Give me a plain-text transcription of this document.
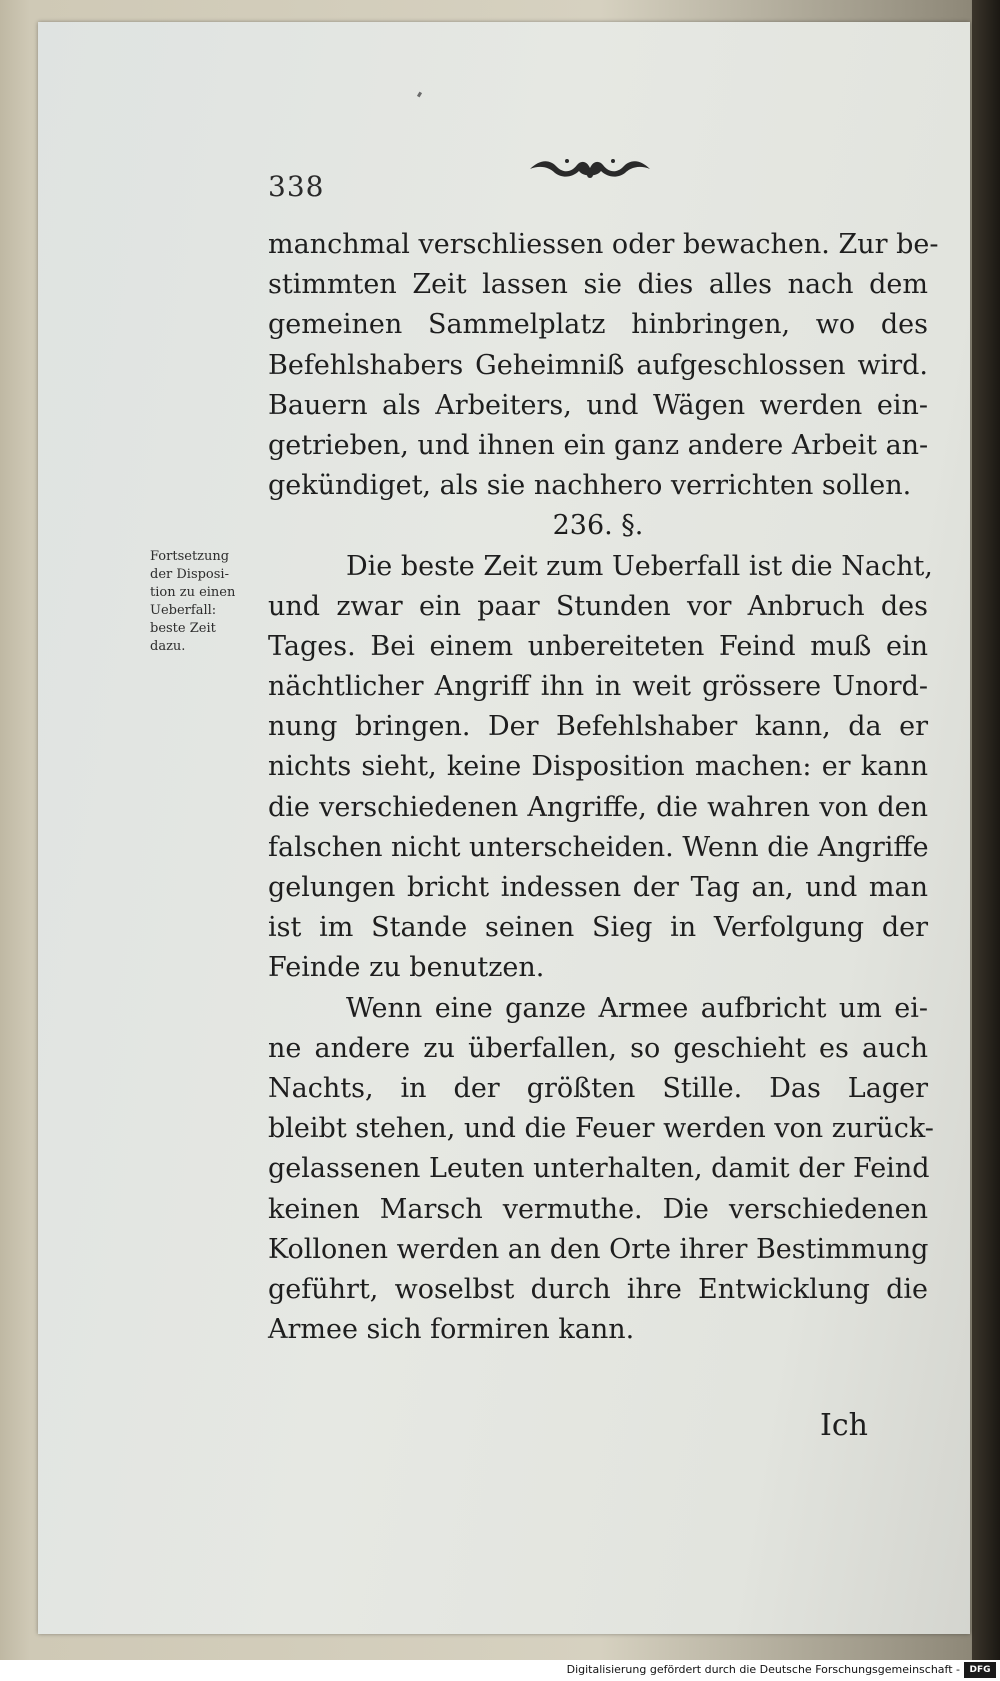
338
Fortsetzung
der Disposi-
tion zu einen
Ueberfall:
beste Zeit
dazu.
manchmal verschliessen oder bewachen. Zur be-
stimmten Zeit lassen sie dies alles nach dem
gemeinen Sammelplatz hinbringen, wo des
Befehlshabers Geheimniß aufgeschlossen wird.
Bauern als Arbeiters, und Wägen werden ein-
getrieben, und ihnen ein ganz andere Arbeit an-
gekündiget, als sie nachhero verrichten sollen.
236. §.
Die beste Zeit zum Ueberfall ist die Nacht,
und zwar ein paar Stunden vor Anbruch des
Tages. Bei einem unbereiteten Feind muß ein
nächtlicher Angriff ihn in weit grössere Unord-
nung bringen. Der Befehlshaber kann, da er
nichts sieht, keine Disposition machen: er kann
die verschiedenen Angriffe, die wahren von den
falschen nicht unterscheiden. Wenn die Angriffe
gelungen bricht indessen der Tag an, und man
ist im Stande seinen Sieg in Verfolgung der
Feinde zu benutzen.
Wenn eine ganze Armee aufbricht um ei-
ne andere zu überfallen, so geschieht es auch
Nachts, in der größten Stille. Das Lager
bleibt stehen, und die Feuer werden von zurück-
gelassenen Leuten unterhalten, damit der Feind
keinen Marsch vermuthe. Die verschiedenen
Kollonen werden an den Orte ihrer Bestimmung
geführt, woselbst durch ihre Entwicklung die
Armee sich formiren kann.
Ich
Digitalisierung gefördert durch die Deutsche Forschungsgemeinschaft -	DFG
